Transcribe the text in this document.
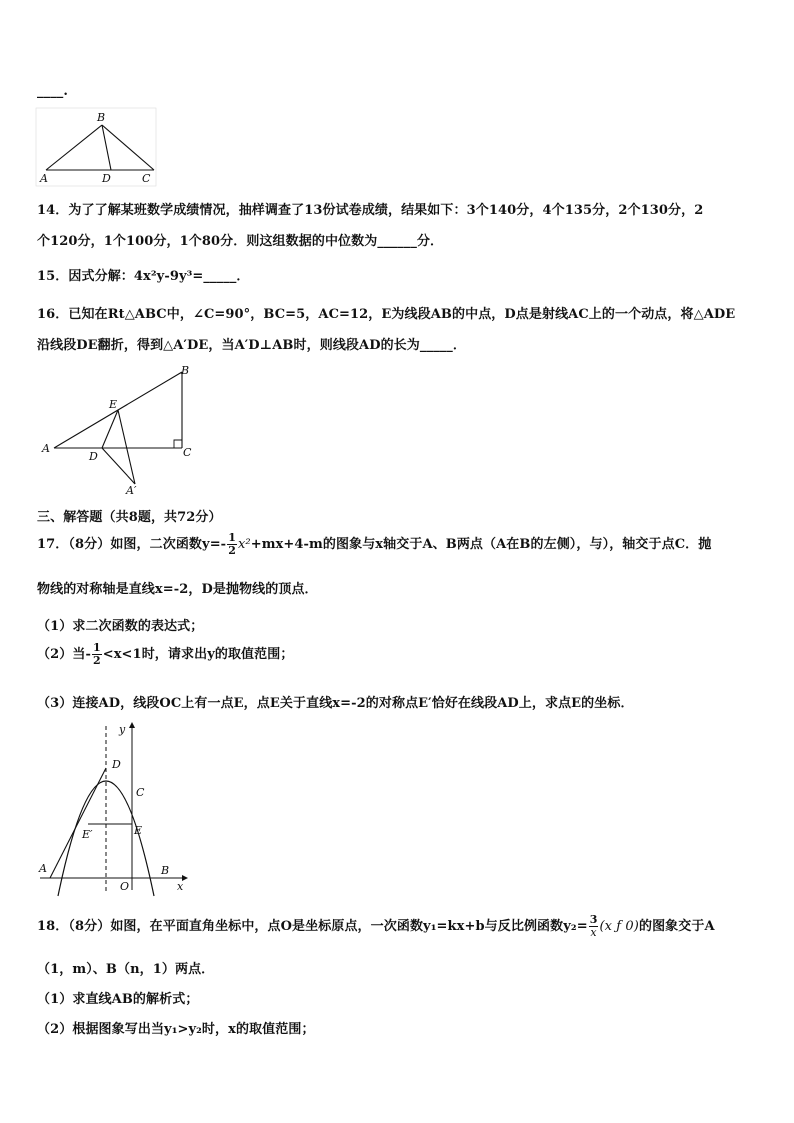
____.
B
A	D	C
14．为了了解某班数学成绩情况，抽样调查了13份试卷成绩，结果如下：3个140分，4个135分，2个130分，2
个120分，1个100分，1个80分．则这组数据的中位数为______分．
15．因式分解：4x²y-9y³=_____．
16．已知在Rt△ABC中，∠C=90°，BC=5，AC=12，E为线段AB的中点，D点是射线AC上的一个动点，将△ADE
沿线段DE翻折，得到△A′DE，当A′D⊥AB时，则线段AD的长为_____．
B
E
A	C
D
A′
三、解答题（共8题，共72分）
17．（8分）如图，二次函数$y=- \frac{1}{2} x^2+mx+4-m$的图象与x轴交于A、B两点（A在B的左侧），与），轴交于点C．抛
物线的对称轴是直线x=-2，D是抛物线的顶点．
（1）求二次函数的表达式；
（2）当- $\frac{1}{2} <x<1$时，请求出y的取值范围；
（3）连接AD，线段OC上有一点E，点E关于直线x=-2的对称点E′恰好在线段AD上，求点E的坐标．
y
D
C
E′	E
A	B
O	x
18．（8分）如图，在平面直角坐标中，点O是坐标原点，一次函数y₁=kx+b与反比例函数$y_2= \frac{3}{x} (x$ ƒ 0)的图象交于A
（1，m）、B（n，1）两点．
（1）求直线AB的解析式；
（2）根据图象写出当y₁>y₂时，x的取值范围；
